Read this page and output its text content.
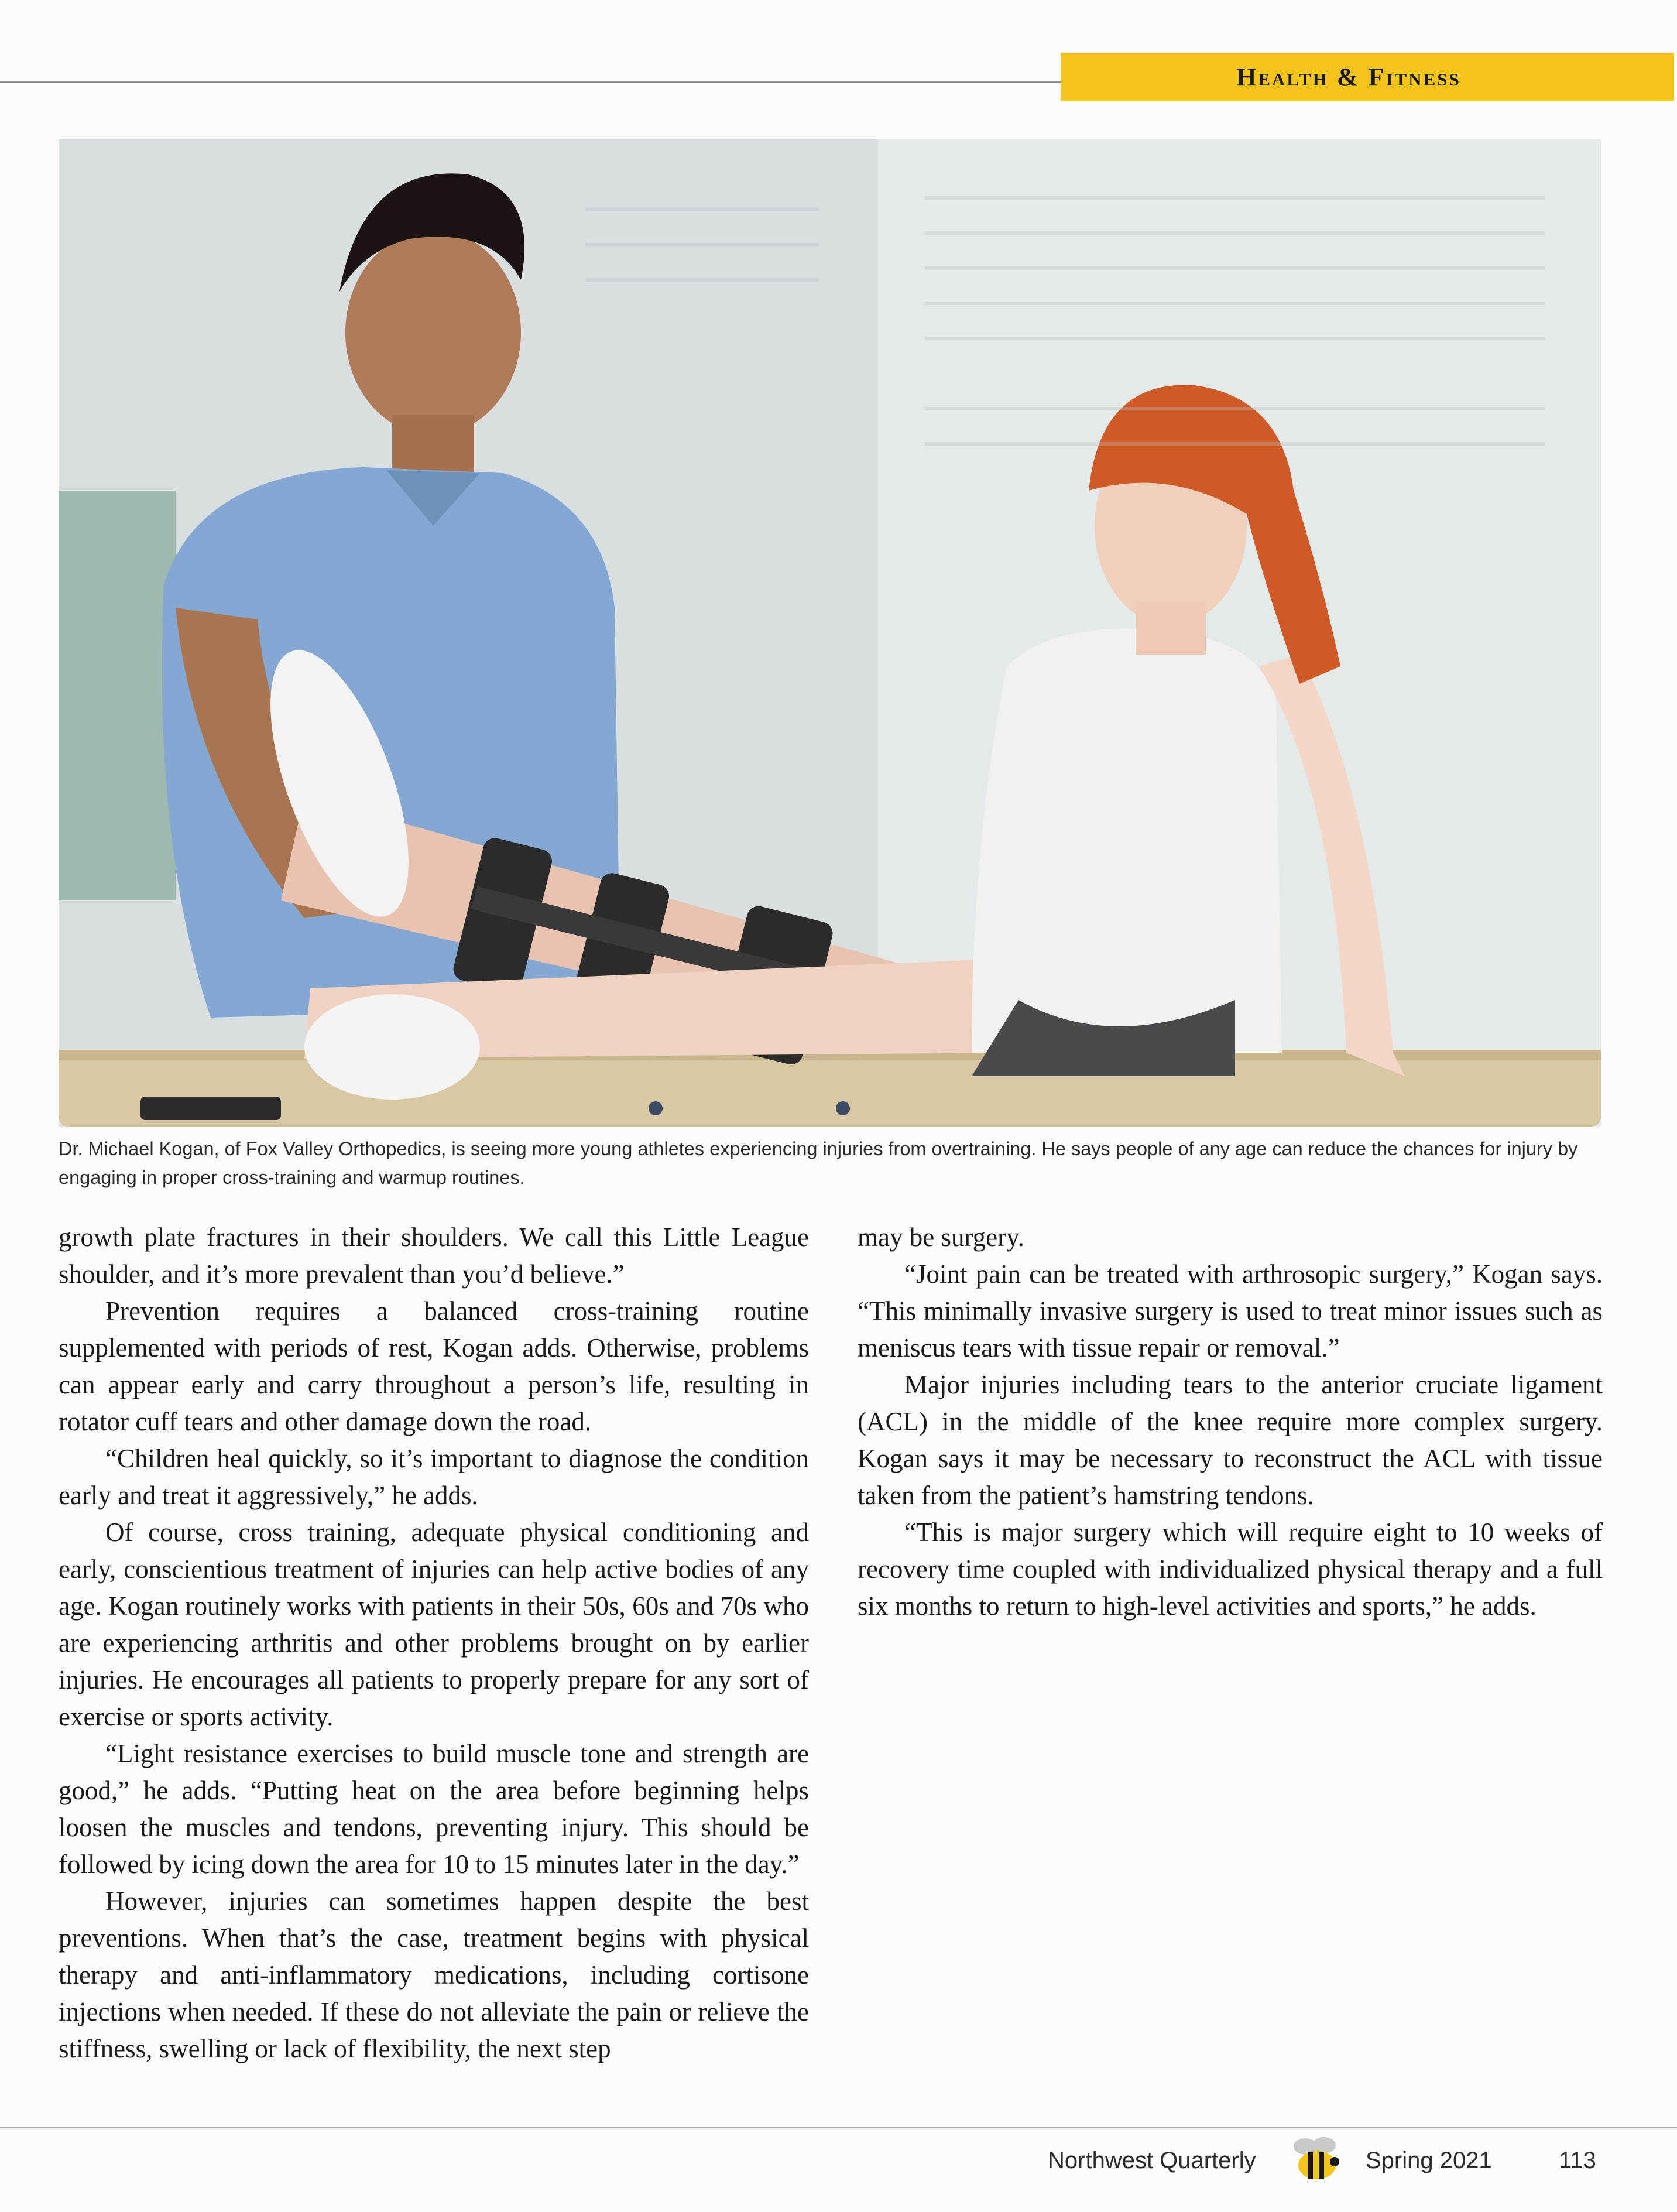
Health & Fitness
Dr. Michael Kogan, of Fox Valley Orthopedics, is seeing more young athletes experiencing injuries from overtraining. He says people of any age can reduce the chances for injury by engaging in proper cross-training and warmup routines.

growth plate fractures in their shoulders. We call this Little League shoulder, and it’s more prevalent than you’d believe.”

Prevention requires a balanced cross-training routine supplemented with periods of rest, Kogan adds. Otherwise, problems can appear early and carry throughout a person’s life, resulting in rotator cuff tears and other damage down the road.

“Children heal quickly, so it’s important to diagnose the condition early and treat it aggressively,” he adds.

Of course, cross training, adequate physical conditioning and early, conscientious treatment of injuries can help active bodies of any age. Kogan routinely works with patients in their 50s, 60s and 70s who are experiencing arthritis and other problems brought on by earlier injuries. He encourages all patients to properly prepare for any sort of exercise or sports activity.

“Light resistance exercises to build muscle tone and strength are good,” he adds. “Putting heat on the area before beginning helps loosen the muscles and tendons, preventing injury. This should be followed by icing down the area for 10 to 15 minutes later in the day.”

However, injuries can sometimes happen despite the best preventions. When that’s the case, treatment begins with physical therapy and anti-inflammatory medications, including cortisone injections when needed. If these do not alleviate the pain or relieve the stiffness, swelling or lack of flexibility, the next step

may be surgery.

“Joint pain can be treated with arthrosopic surgery,” Kogan says. “This minimally invasive surgery is used to treat minor issues such as meniscus tears with tissue repair or removal.”

Major injuries including tears to the anterior cruciate ligament (ACL) in the middle of the knee require more complex surgery. Kogan says it may be necessary to reconstruct the ACL with tissue taken from the patient’s hamstring tendons.

“This is major surgery which will require eight to 10 weeks of recovery time coupled with individualized physical therapy and a full six months to return to high-level activities and sports,” he adds.

Northwest Quarterly	Spring 2021	113
